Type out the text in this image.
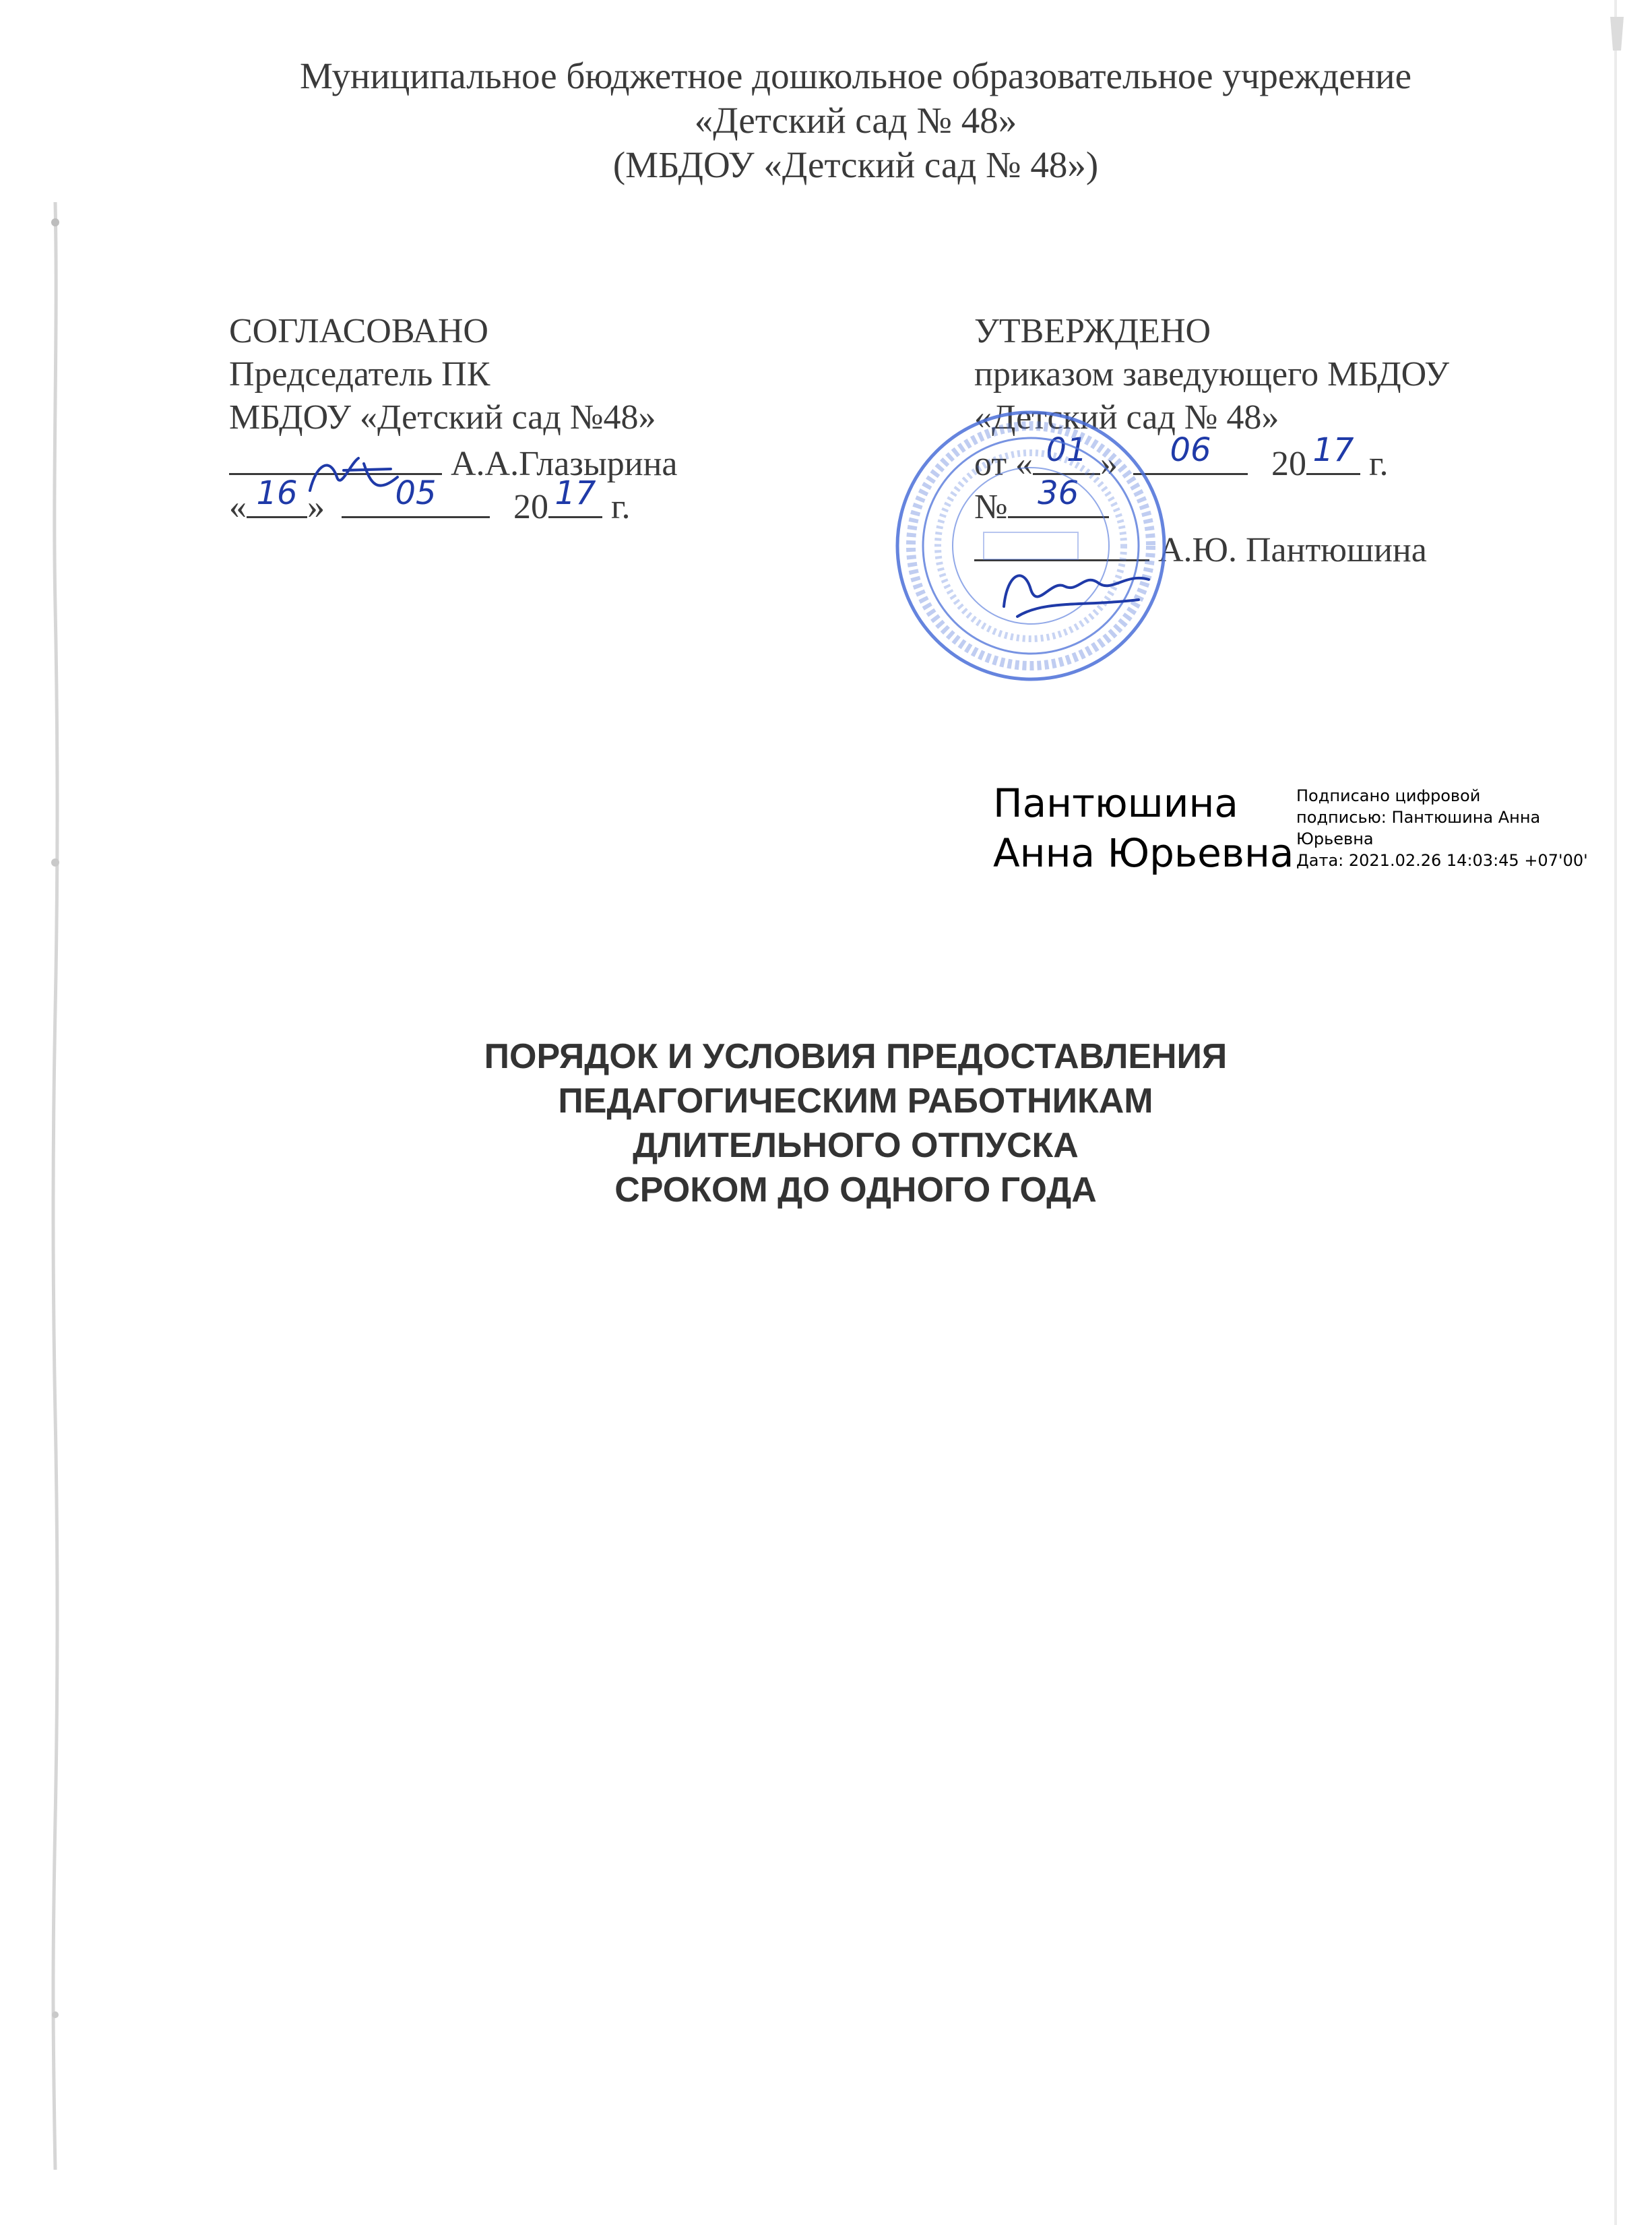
Муниципальное бюджетное дошкольное образовательное учреждение
«Детский сад № 48»
(МБДОУ «Детский сад № 48»)
СОГЛАСОВАНО
Председатель ПК
МБДОУ «Детский сад №48»
А.А.Глазырина
« 16 »	05	20 17 г.
УТВЕРЖДЕНО
приказом заведующего МБДОУ
«Детский сад № 48»
от « 01 »	06	20 17 г.
№ 36
А.Ю. Пантюшина
Пантюшина
Анна Юрьевна
Подписано цифровой
подписью: Пантюшина Анна
Юрьевна
Дата: 2021.02.26 14:03:45 +07'00'
ПОРЯДОК И УСЛОВИЯ ПРЕДОСТАВЛЕНИЯ
ПЕДАГОГИЧЕСКИМ РАБОТНИКАМ
ДЛИТЕЛЬНОГО ОТПУСКА
СРОКОМ ДО ОДНОГО ГОДА
